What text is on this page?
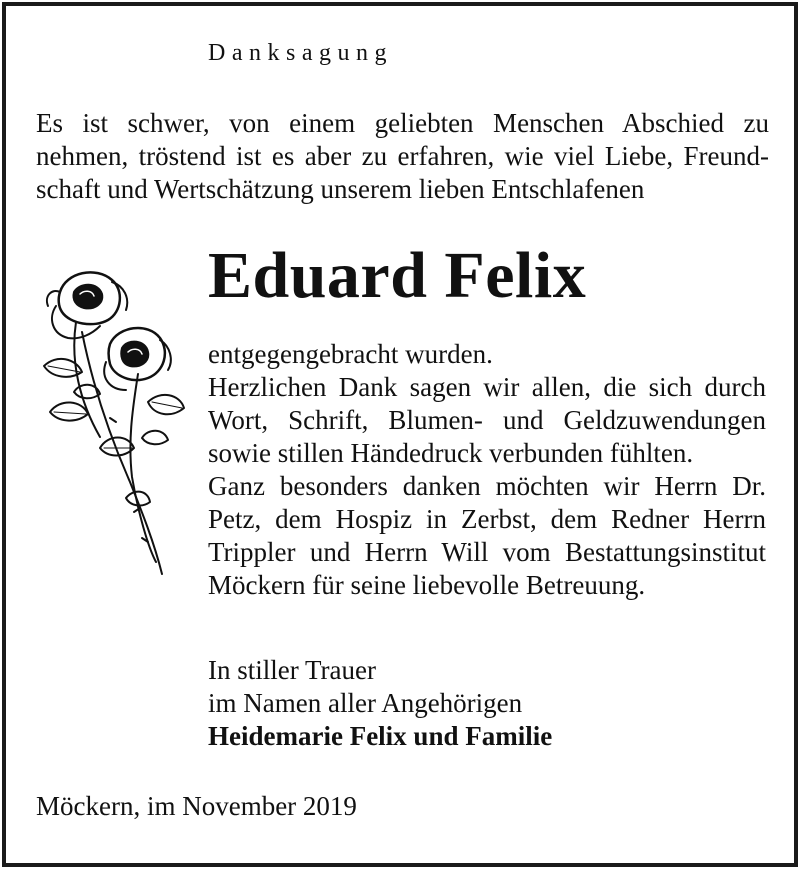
Danksagung
Es ist schwer, von einem geliebten Menschen Abschied zu
nehmen, tröstend ist es aber zu erfahren, wie viel Liebe, Freund-
schaft und Wertschätzung unserem lieben Entschlafenen
Eduard Felix
entgegengebracht wurden.
Herzlichen Dank sagen wir allen, die sich durch
Wort, Schrift, Blumen- und Geldzuwendungen
sowie stillen Händedruck verbunden fühlten.
Ganz besonders danken möchten wir Herrn Dr.
Petz, dem Hospiz in Zerbst, dem Redner Herrn
Trippler und Herrn Will vom Bestattungsinstitut
Möckern für seine liebevolle Betreuung.
In stiller Trauer
im Namen aller Angehörigen
Heidemarie Felix und Familie
Möckern, im November 2019
